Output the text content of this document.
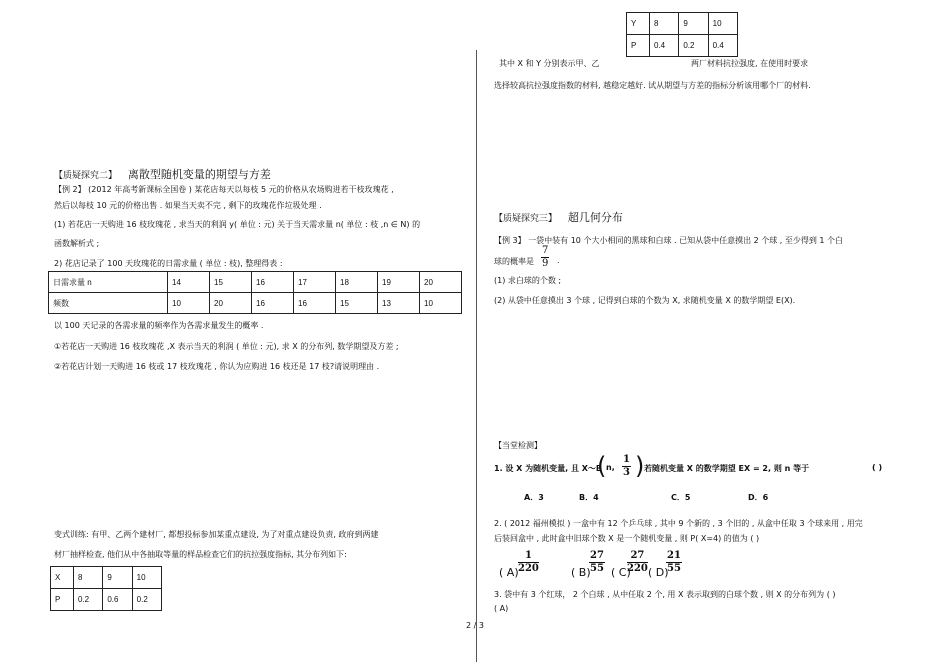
Y	8	9	10
P	0.4	0.2	0.4
其中 X 和 Y 分别表示甲、乙	两厂材料抗拉强度, 在使用时要求
选择较高抗拉强度指数的材料, 越稳定越好. 试从期望与方差的指标分析该用哪个厂的材料.
【质疑探究二】 离散型随机变量的期望与方差
【例 2】 (2012 年高考新课标全国卷 ) 某花店每天以每枝 5 元的价格从农场购进若干枝玫瑰花 ,
然后以每枝 10 元的价格出售 . 如果当天卖不完 , 剩下的玫瑰花作垃圾处理 .
(1) 若花店一天购进 16 枝玫瑰花 , 求当天的利润 y( 单位 : 元) 关于当天需求量 n( 单位 : 枝 ,n ∈ N) 的
函数解析式 ;
2) 花店记录了 100 天玫瑰花的日需求量 ( 单位 : 枝), 整理得表 :
日需求量 n	14	15	16	17	18	19	20
频数	10	20	16	16	15	13	10
以 100 天记录的各需求量的频率作为各需求量发生的概率 .
①若花店一天购进 16 枝玫瑰花 ,X 表示当天的利润 ( 单位 : 元), 求 X 的分布列, 数学期望及方差 ;
②若花店计划一天购进 16 枝或 17 枝玫瑰花 , 你认为应购进 16 枝还是 17 枝?请说明理由 .
变式训练: 有甲、乙两个建材厂, 都想投标参加某重点建设, 为了对重点建设负责, 政府到两建
材厂抽样检查, 他们从中各抽取等量的样品检查它们的抗拉强度指标, 其分布列如下:
X	8	9	10
P	0.2	0.6	0.2
【质疑探究三】 超几何分布
【例 3】 一袋中装有 10 个大小相同的黑球和白球 . 已知从袋中任意摸出 2 个球 , 至少得到 1 个白
球的概率是 $\frac{7}{9}$ .
(1) 求白球的个数 ;
(2) 从袋中任意摸出 3 个球 , 记得到白球的个数为 X, 求随机变量 X 的数学期望 E(X).
【当堂检测】
1. 设 X 为随机变量, 且 X～B
( n, $\frac{1}{3}$ ) 若随机变量 X 的数学期望 EX = 2, 则 n 等于	( )
A．3	B．4	C．5	D．6
2. ( 2012 福州模拟 ) 一盒中有 12 个乒乓球 , 其中 9 个新的 , 3 个旧的 , 从盒中任取 3 个球来用 , 用完
后装回盒中 , 此时盒中旧球个数 X 是一个随机变量 , 则 P( X=4) 的值为 ( )
( $A) \frac{1}{220}$	( B)
$\frac{27}{55}$ ( C)
$\frac{27}{220}$ ( D)
$\frac{21}{55}$
3. 袋中有 3 个红球， 2 个白球 , 从中任取 2 个, 用 X 表示取到的白球个数 , 则 X 的分布列为 ( )
( A)
2 / 3
